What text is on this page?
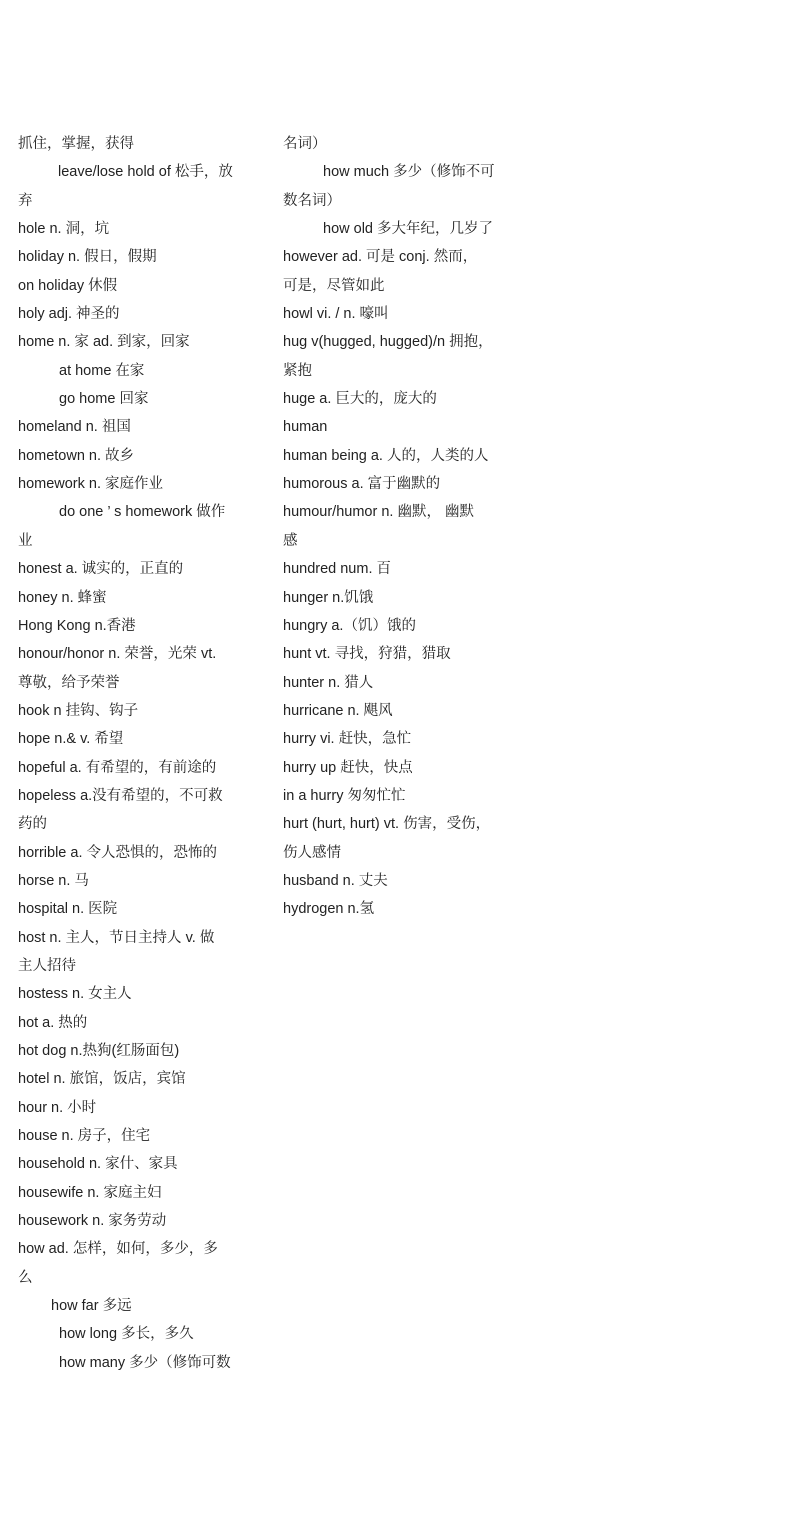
抓住，掌握，获得
leave/lose hold of 松手，放
弃
hole n. 洞，坑
holiday n. 假日，假期
on holiday 休假
holy adj. 神圣的
home n. 家 ad. 到家，回家
at home 在家
go home 回家
homeland n. 祖国
hometown n. 故乡
homework n. 家庭作业
do one ’ s homework 做作
业
honest a. 诚实的，正直的
honey n. 蜂蜜
Hong Kong n.香港
honour/honor n. 荣誉，光荣 vt.
尊敬，给予荣誉
hook n 挂钩、钩子
hope n.& v. 希望
hopeful a. 有希望的，有前途的
hopeless a.没有希望的，不可救
药的
horrible a. 令人恐惧的，恐怖的
horse n. 马
hospital n. 医院
host n. 主人，节日主持人 v. 做
主人招待
hostess n. 女主人
hot a. 热的
hot dog n.热狗(红肠面包)
hotel n. 旅馆，饭店，宾馆
hour n. 小时
house n. 房子，住宅
household n. 家什、家具
housewife n. 家庭主妇
housework n. 家务劳动
how ad. 怎样，如何，多少，多
么
how far 多远
how long 多长，多久
how many 多少（修饰可数
名词）
how much 多少（修饰不可
数名词）
how old 多大年纪，几岁了
however ad. 可是 conj. 然而，
可是，尽管如此
howl vi. / n. 嚎叫
hug v(hugged, hugged)/n 拥抱，
紧抱
huge a. 巨大的，庞大的
human
human being a. 人的，人类的人
humorous a. 富于幽默的
humour/humor n. 幽默， 幽默
感
hundred num. 百
hunger n.饥饿
hungry a.（饥）饿的
hunt vt. 寻找，狩猎，猎取
hunter n. 猎人
hurricane n. 飓风
hurry vi. 赶快，急忙
hurry up 赶快，快点
in a hurry 匆匆忙忙
hurt (hurt, hurt) vt. 伤害，受伤，
伤人感情
husband n. 丈夫
hydrogen n.氢
